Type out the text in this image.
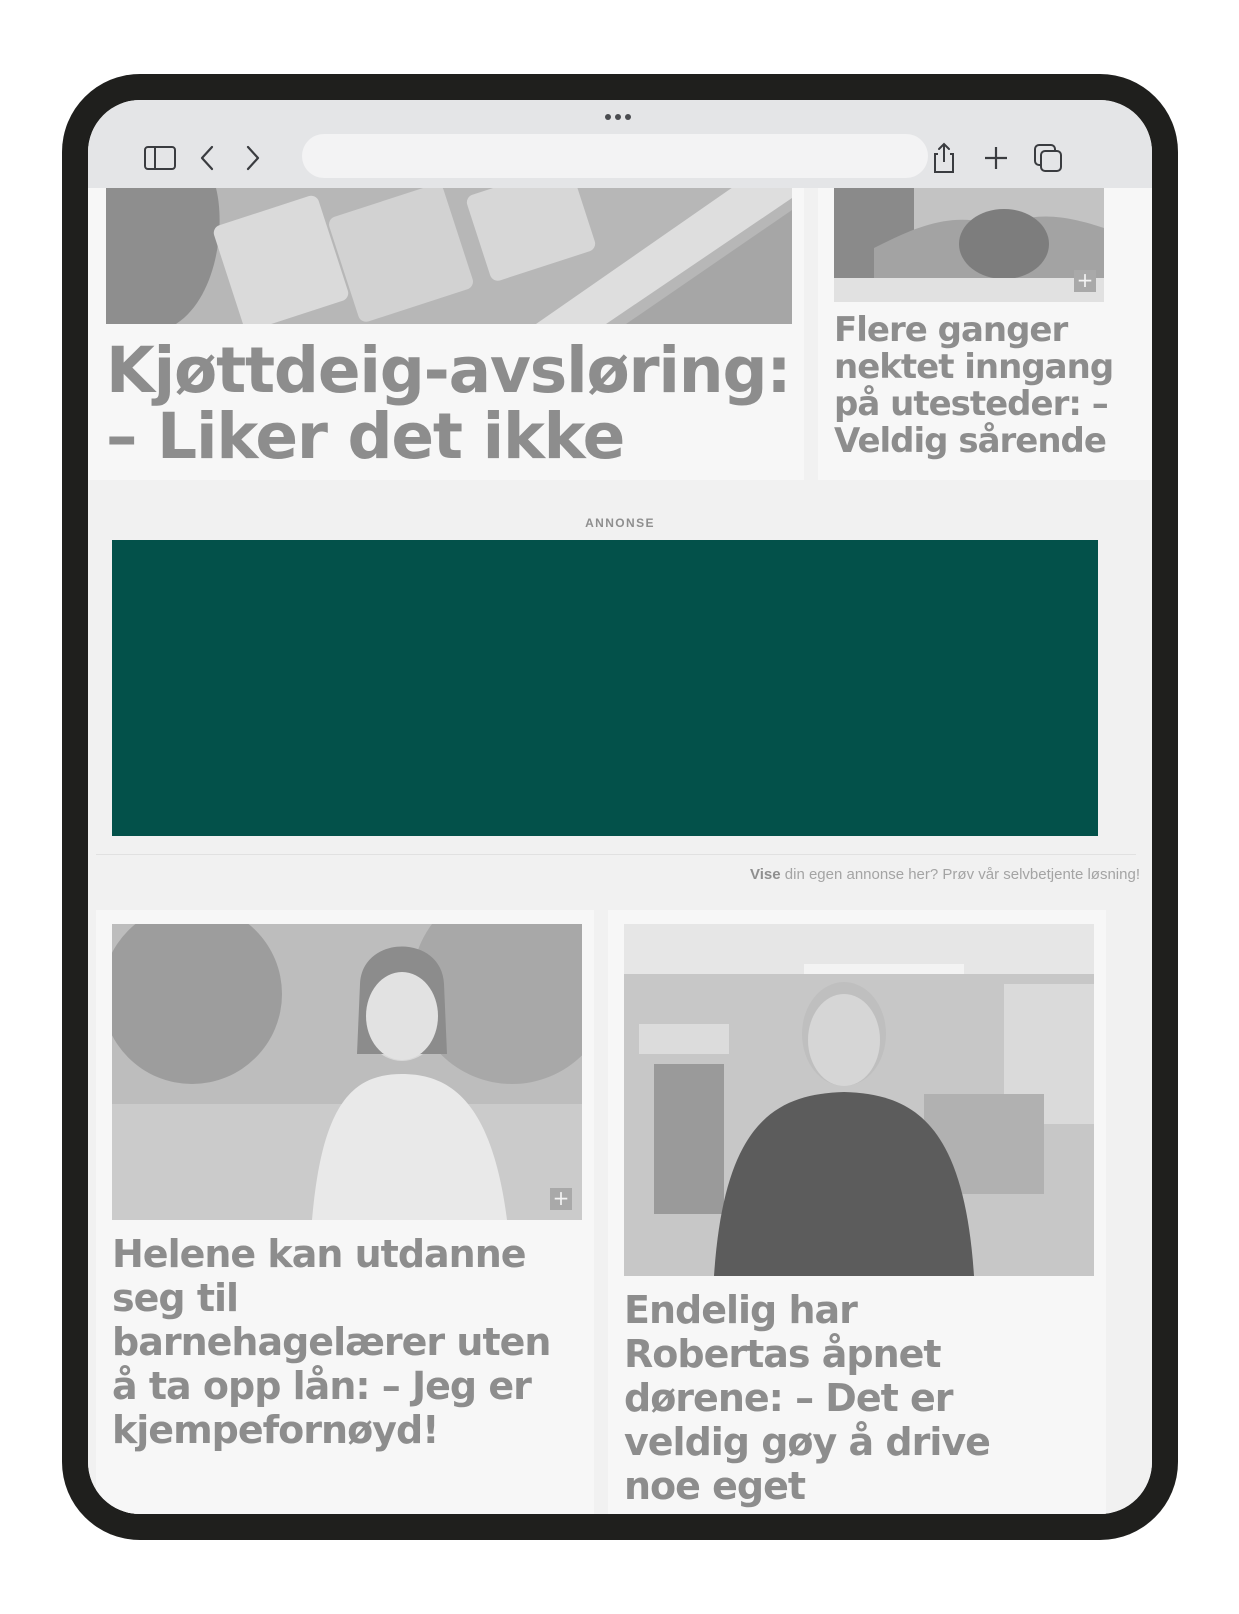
Kjøttdeig-avsløring: – Liker det ikke
+
Flere ganger nektet inngang på utesteder: – Veldig sårende
ANNONSE
Vise din egen annonse her? Prøv vår selvbetjente løsning!
+
Helene kan utdanne seg til barnehagelærer uten å ta opp lån: – Jeg er kjempefornøyd!
Endelig har Robertas åpnet dørene: – Det er veldig gøy å drive noe eget
